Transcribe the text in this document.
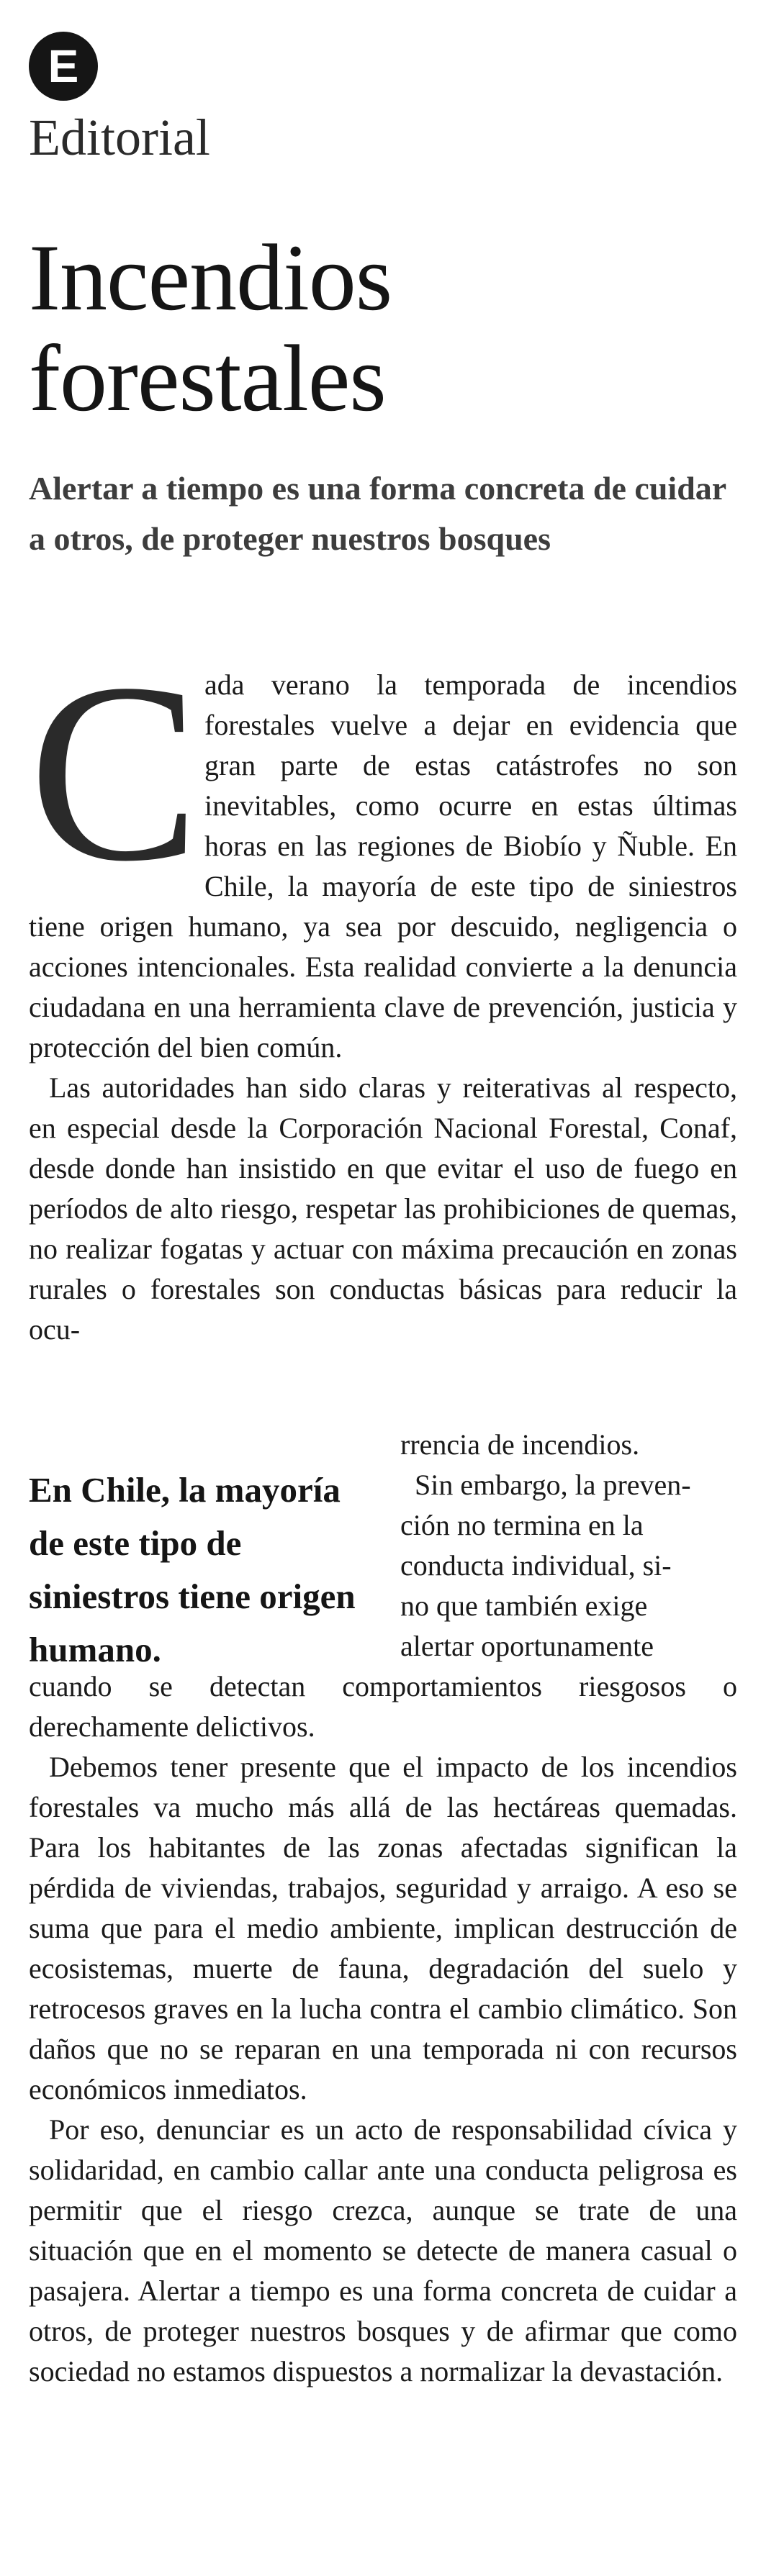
E
Editorial
Incendios
forestales
Alertar a tiempo es una forma concreta de cuidar a otros, de proteger nuestros bosques
C ada verano la temporada de incendios forestales vuelve a dejar en evidencia que gran parte de estas catástrofes no son inevitables, como ocurre en estas últimas horas en las regiones de Biobío y Ñuble. En Chile, la mayoría de este tipo de siniestros tiene origen humano, ya sea por descuido, negligencia o acciones intencionales. Esta realidad convierte a la denuncia ciudadana en una herramienta clave de prevención, justicia y protección del bien común.

Las autoridades han sido claras y reiterativas al respecto, en especial desde la Corporación Nacional Forestal, Conaf, desde donde han insistido en que evitar el uso de fuego en períodos de alto riesgo, respetar las prohibiciones de quemas, no realizar fogatas y actuar con máxima precaución en zonas rurales o forestales son conductas básicas para reducir la ocu-

En Chile, la mayoría de este tipo de siniestros tiene origen humano.
rrencia de incendios.
Sin embargo, la preven-
ción no termina en la
conducta individual, si-
no que también exige
alertar oportunamente

cuando se detectan comportamientos riesgosos o derechamente delictivos.

Debemos tener presente que el impacto de los incendios forestales va mucho más allá de las hectáreas quemadas. Para los habitantes de las zonas afectadas significan la pérdida de viviendas, trabajos, seguridad y arraigo. A eso se suma que para el medio ambiente, implican destrucción de ecosistemas, muerte de fauna, degradación del suelo y retrocesos graves en la lucha contra el cambio climático. Son daños que no se reparan en una temporada ni con recursos económicos inmediatos.

Por eso, denunciar es un acto de responsabilidad cívica y solidaridad, en cambio callar ante una conducta peligrosa es permitir que el riesgo crezca, aunque se trate de una situación que en el momento se detecte de manera casual o pasajera. Alertar a tiempo es una forma concreta de cuidar a otros, de proteger nuestros bosques y de afirmar que como sociedad no estamos dispuestos a normalizar la devastación.
